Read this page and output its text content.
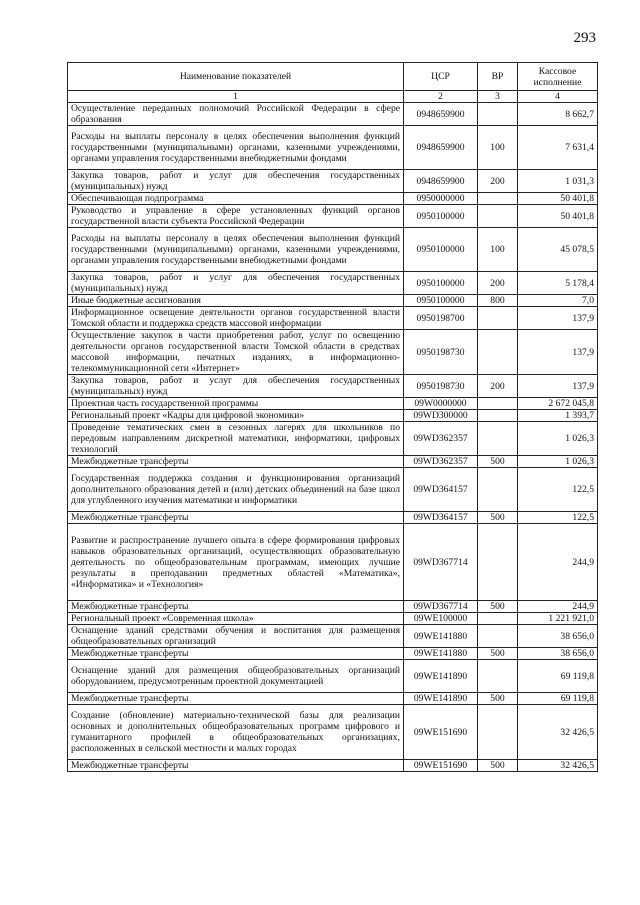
293
Наименование показателей	ЦСР	ВР	Кассовое исполнение
1	2	3	4
Осуществление переданных полномочий Российской Федерации в сфере образования	0948659900		8 662,7
Расходы на выплаты персоналу в целях обеспечения выполнения функций государственными (муниципальными) органами, казенными учреждениями, органами управления государственными внебюджетными фондами	0948659900	100	7 631,4
Закупка товаров, работ и услуг для обеспечения государственных (муниципальных) нужд	0948659900	200	1 031,3
Обеспечивающая подпрограмма	0950000000		50 401,8
Руководство и управление в сфере установленных функций органов государственной власти субъекта Российской Федерации	0950100000		50 401,8
Расходы на выплаты персоналу в целях обеспечения выполнения функций государственными (муниципальными) органами, казенными учреждениями, органами управления государственными внебюджетными фондами	0950100000	100	45 078,5
Закупка товаров, работ и услуг для обеспечения государственных (муниципальных) нужд	0950100000	200	5 178,4
Иные бюджетные ассигнования	0950100000	800	7,0
Информационное освещение деятельности органов государственной власти Томской области и поддержка средств массовой информации	0950198700		137,9
Осуществление закупок в части приобретения работ, услуг по освещению деятельности органов государственной власти Томской области в средствах массовой информации, печатных изданиях, в информационно-телекоммуникационной сети «Интернет»	0950198730		137,9
Закупка товаров, работ и услуг для обеспечения государственных (муниципальных) нужд	0950198730	200	137,9
Проектная часть государственной программы	09W0000000		2 672 045,8
Региональный проект «Кадры для цифровой экономики»	09WD300000		1 393,7
Проведение тематических смен в сезонных лагерях для школьников по передовым направлениям дискретной математики, информатики, цифровых технологий	09WD362357		1 026,3
Межбюджетные трансферты	09WD362357	500	1 026,3
Государственная поддержка создания и функционирования организаций дополнительного образования детей и (или) детских объединений на базе школ для углубленного изучения математики и информатики	09WD364157		122,5
Межбюджетные трансферты	09WD364157	500	122,5
Развитие и распространение лучшего опыта в сфере формирования цифровых навыков образовательных организаций, осуществляющих образовательную деятельность по общеобразовательным программам, имеющих лучшие результаты в преподавании предметных областей «Математика», «Информатика» и «Технология»	09WD367714		244,9
Межбюджетные трансферты	09WD367714	500	244,9
Региональный проект «Современная школа»	09WE100000		1 221 921,0
Оснащение зданий средствами обучения и воспитания для размещения общеобразовательных организаций	09WE141880		38 656,0
Межбюджетные трансферты	09WE141880	500	38 656,0
Оснащение зданий для размещения общеобразовательных организаций оборудованием, предусмотренным проектной документацией	09WE141890		69 119,8
Межбюджетные трансферты	09WE141890	500	69 119,8
Создание (обновление) материально-технической базы для реализации основных и дополнительных общеобразовательных программ цифрового и гуманитарного профилей в общеобразовательных организациях, расположенных в сельской местности и малых городах	09WE151690		32 426,5
Межбюджетные трансферты	09WE151690	500	32 426,5
